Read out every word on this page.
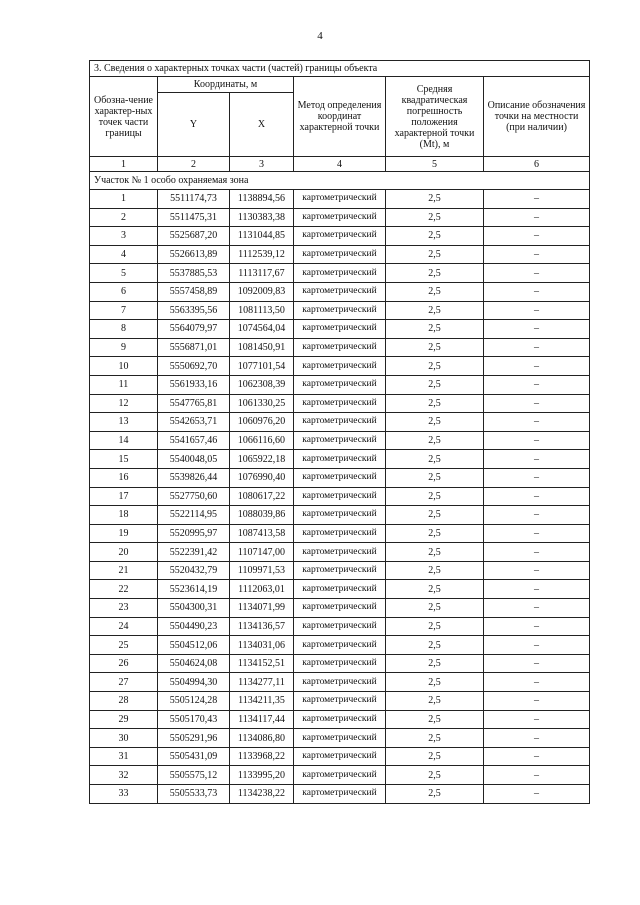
4
3. Сведения о характерных точках части (частей) границы объекта					
Обозна-чение характер-ных точек части границы	Координаты, м		Метод определения координат характерной точки	Средняя квадратическая погрешность положения характерной точки (Mt), м	Описание обозначения точки на местности (при наличии)
	Y	X			
1	2	3	4	5	6
Участок № 1 особо охраняемая зона					
1	5511174,73	1138894,56	картометрический	2,5	–
2	5511475,31	1130383,38	картометрический	2,5	–
3	5525687,20	1131044,85	картометрический	2,5	–
4	5526613,89	1112539,12	картометрический	2,5	–
5	5537885,53	1113117,67	картометрический	2,5	–
6	5557458,89	1092009,83	картометрический	2,5	–
7	5563395,56	1081113,50	картометрический	2,5	–
8	5564079,97	1074564,04	картометрический	2,5	–
9	5556871,01	1081450,91	картометрический	2,5	–
10	5550692,70	1077101,54	картометрический	2,5	–
11	5561933,16	1062308,39	картометрический	2,5	–
12	5547765,81	1061330,25	картометрический	2,5	–
13	5542653,71	1060976,20	картометрический	2,5	–
14	5541657,46	1066116,60	картометрический	2,5	–
15	5540048,05	1065922,18	картометрический	2,5	–
16	5539826,44	1076990,40	картометрический	2,5	–
17	5527750,60	1080617,22	картометрический	2,5	–
18	5522114,95	1088039,86	картометрический	2,5	–
19	5520995,97	1087413,58	картометрический	2,5	–
20	5522391,42	1107147,00	картометрический	2,5	–
21	5520432,79	1109971,53	картометрический	2,5	–
22	5523614,19	1112063,01	картометрический	2,5	–
23	5504300,31	1134071,99	картометрический	2,5	–
24	5504490,23	1134136,57	картометрический	2,5	–
25	5504512,06	1134031,06	картометрический	2,5	–
26	5504624,08	1134152,51	картометрический	2,5	–
27	5504994,30	1134277,11	картометрический	2,5	–
28	5505124,28	1134211,35	картометрический	2,5	–
29	5505170,43	1134117,44	картометрический	2,5	–
30	5505291,96	1134086,80	картометрический	2,5	–
31	5505431,09	1133968,22	картометрический	2,5	–
32	5505575,12	1133995,20	картометрический	2,5	–
33	5505533,73	1134238,22	картометрический	2,5	–
